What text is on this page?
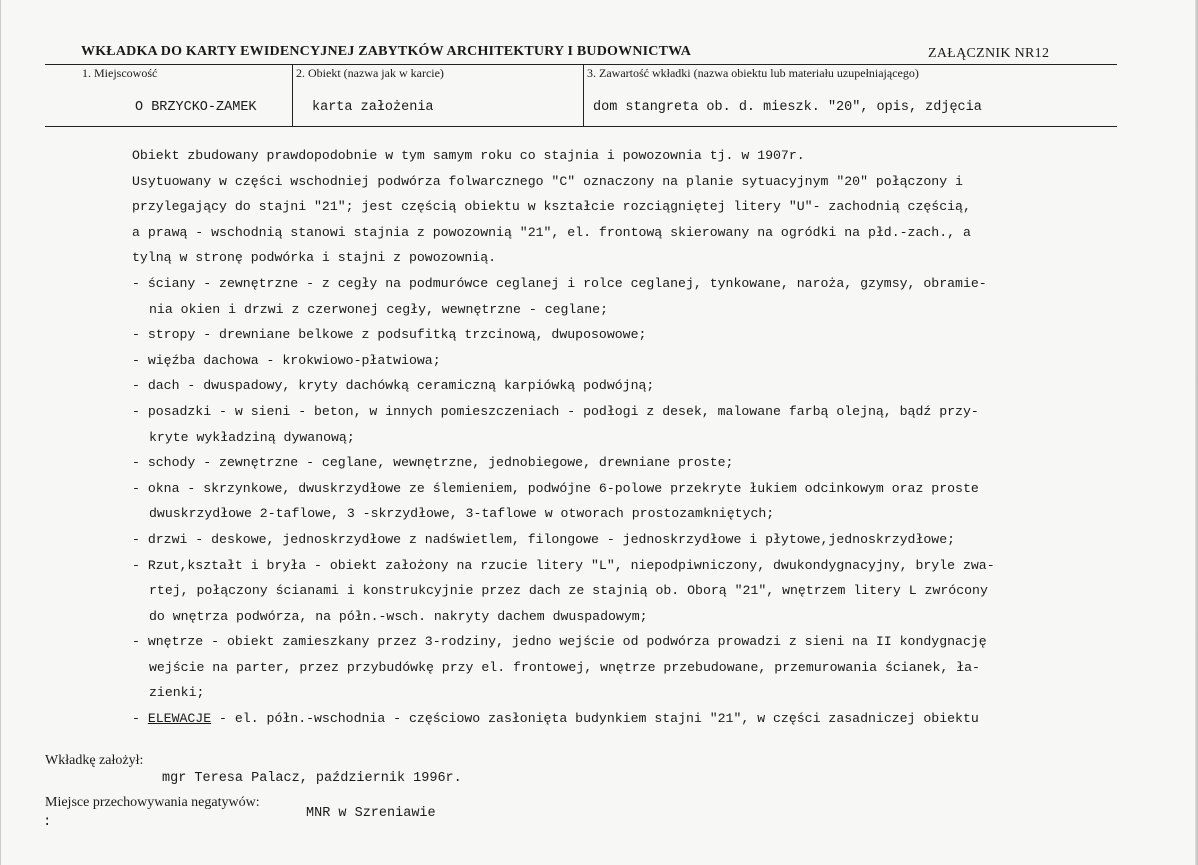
WKŁADKA DO KARTY EWIDENCYJNEJ ZABYTKÓW ARCHITEKTURY I BUDOWNICTWA	ZAŁĄCZNIK NR12
1. Miejscowość	2. Obiekt (nazwa jak w karcie)	3. Zawartość wkładki (nazwa obiektu lub materiału uzupełniającego)
O BRZYCKO-ZAMEK	karta założenia	dom stangreta ob. d. mieszk. "20", opis, zdjęcia
Obiekt zbudowany prawdopodobnie w tym samym roku co stajnia i powozownia tj. w 1907r.
Usytuowany w części wschodniej podwórza folwarcznego "C" oznaczony na planie sytuacyjnym "20" połączony i
przylegający do stajni "21"; jest częścią obiektu w kształcie rozciągniętej litery "U"- zachodnią częścią,
a prawą - wschodnią stanowi stajnia z powozownią "21", el. frontową skierowany na ogródki na płd.-zach., a
tylną w stronę podwórka i stajni z powozownią.
- ściany - zewnętrzne - z cegły na podmurówce ceglanej i rolce ceglanej, tynkowane, naroża, gzymsy, obramie-
nia okien i drzwi z czerwonej cegły, wewnętrzne - ceglane;
- stropy - drewniane belkowe z podsufitką trzcinową, dwuposowowe;
- więźba dachowa - krokwiowo-płatwiowa;
- dach - dwuspadowy, kryty dachówką ceramiczną karpiówką podwójną;
- posadzki - w sieni - beton, w innych pomieszczeniach - podłogi z desek, malowane farbą olejną, bądź przy-
kryte wykładziną dywanową;
- schody - zewnętrzne - ceglane, wewnętrzne, jednobiegowe, drewniane proste;
- okna - skrzynkowe, dwuskrzydłowe ze ślemieniem, podwójne 6-polowe przekryte łukiem odcinkowym oraz proste
dwuskrzydłowe 2-taflowe, 3 -skrzydłowe, 3-taflowe w otworach prostozamkniętych;
- drzwi - deskowe, jednoskrzydłowe z nadświetlem, filongowe - jednoskrzydłowe i płytowe,jednoskrzydłowe;
- Rzut,kształt i bryła - obiekt założony na rzucie litery "L", niepodpiwniczony, dwukondygnacyjny, bryle zwa-
rtej, połączony ścianami i konstrukcyjnie przez dach ze stajnią ob. Oborą "21", wnętrzem litery L zwrócony
do wnętrza podwórza, na półn.-wsch. nakryty dachem dwuspadowym;
- wnętrze - obiekt zamieszkany przez 3-rodziny, jedno wejście od podwórza prowadzi z sieni na II kondygnację
wejście na parter, przez przybudówkę przy el. frontowej, wnętrze przebudowane, przemurowania ścianek, ła-
zienki;
- ELEWACJE - el. półn.-wschodnia - częściowo zasłonięta budynkiem stajni "21", w części zasadniczej obiektu
Wkładkę założył:
mgr Teresa Palacz, październik 1996r.
Miejsce przechowywania negatywów:
MNR w Szreniawie
:
